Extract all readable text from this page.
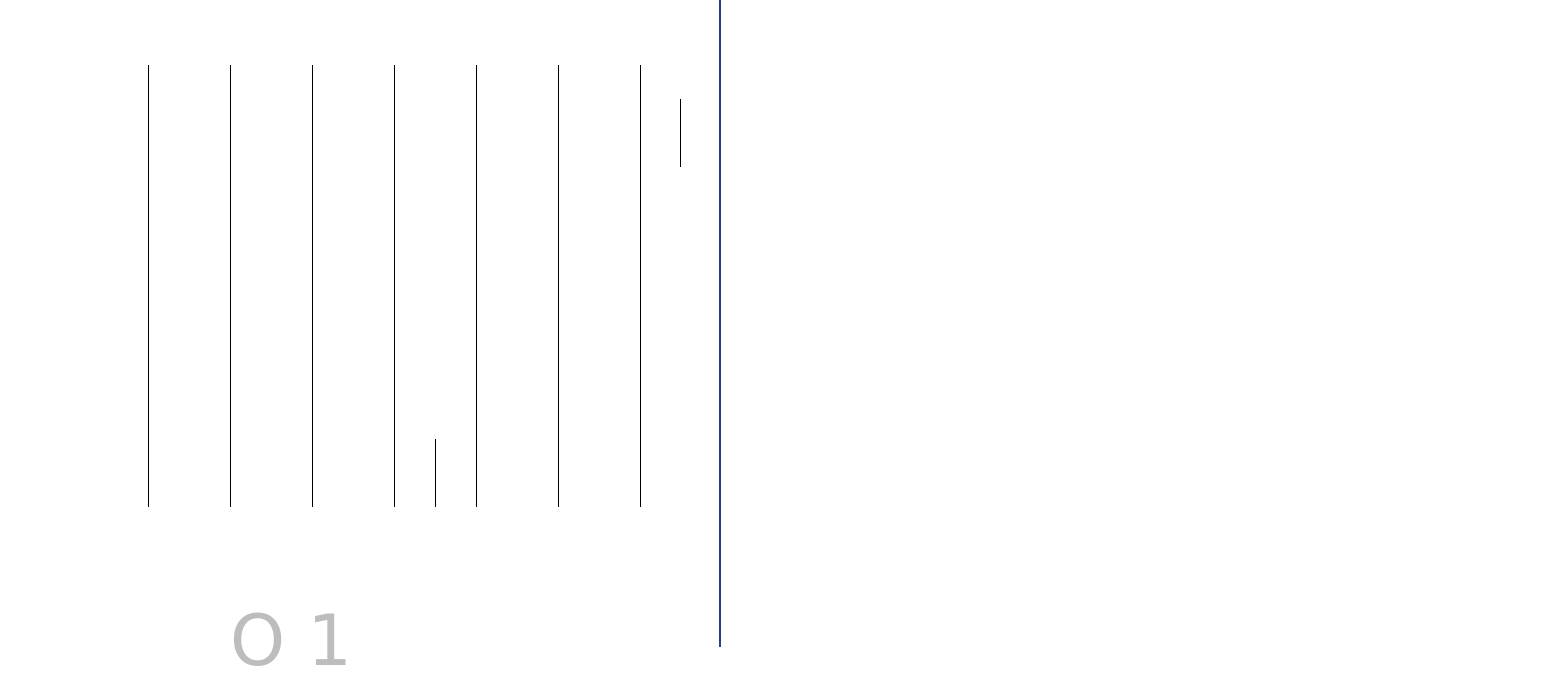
О 1
